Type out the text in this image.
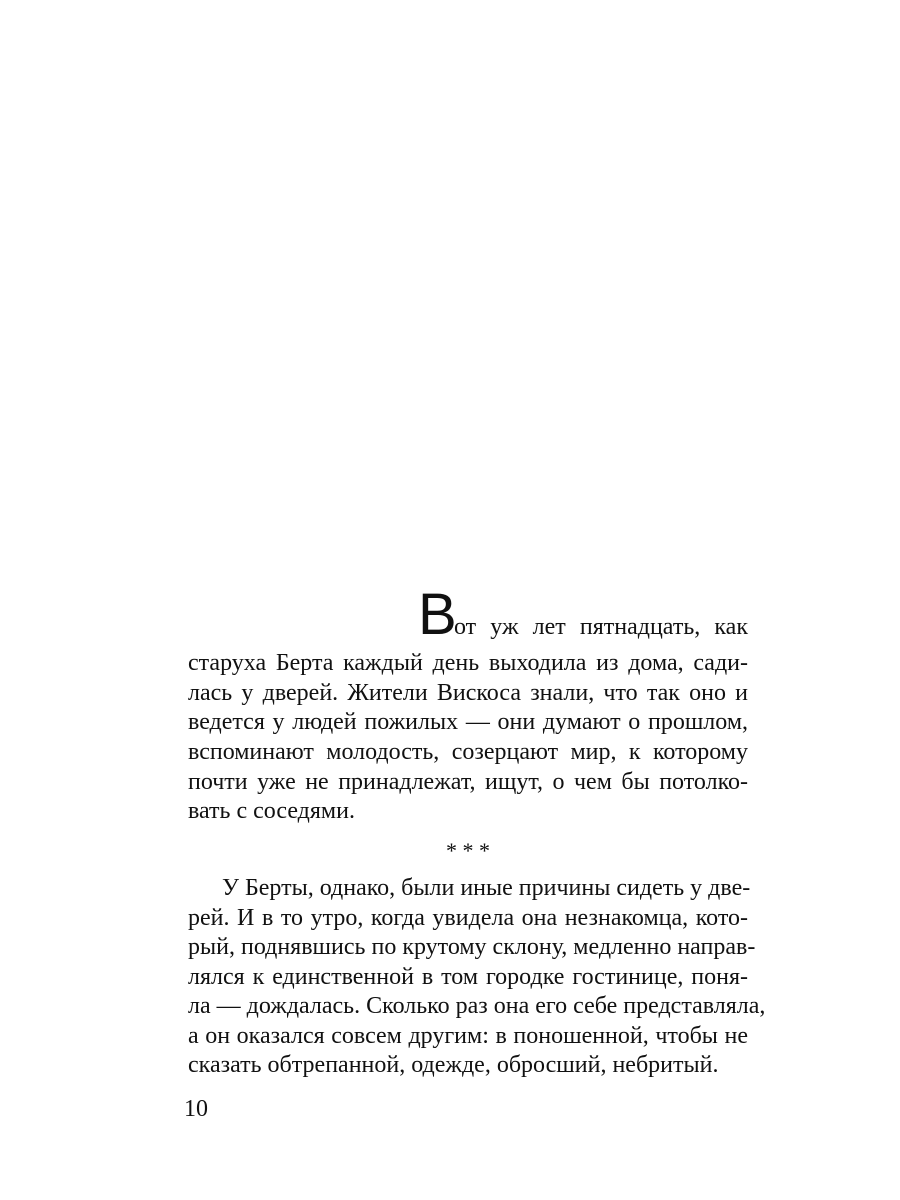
В
от уж лет пятнадцать, как
старуха Берта каждый день выходила из дома, сади-
лась у дверей. Жители Вискоса знали, что так оно и
ведется у людей пожилых — они думают о прошлом,
вспоминают молодость, созерцают мир, к которому
почти уже не принадлежат, ищут, о чем бы потолко-
вать с соседями.
* * *
У Берты, однако, были иные причины сидеть у две-
рей. И в то утро, когда увидела она незнакомца, кото-
рый, поднявшись по крутому склону, медленно направ-
лялся к единственной в том городке гостинице, поня-
ла — дождалась. Сколько раз она его себе представляла,
а он оказался совсем другим: в поношенной, чтобы не
сказать обтрепанной, одежде, обросший, небритый.
10
